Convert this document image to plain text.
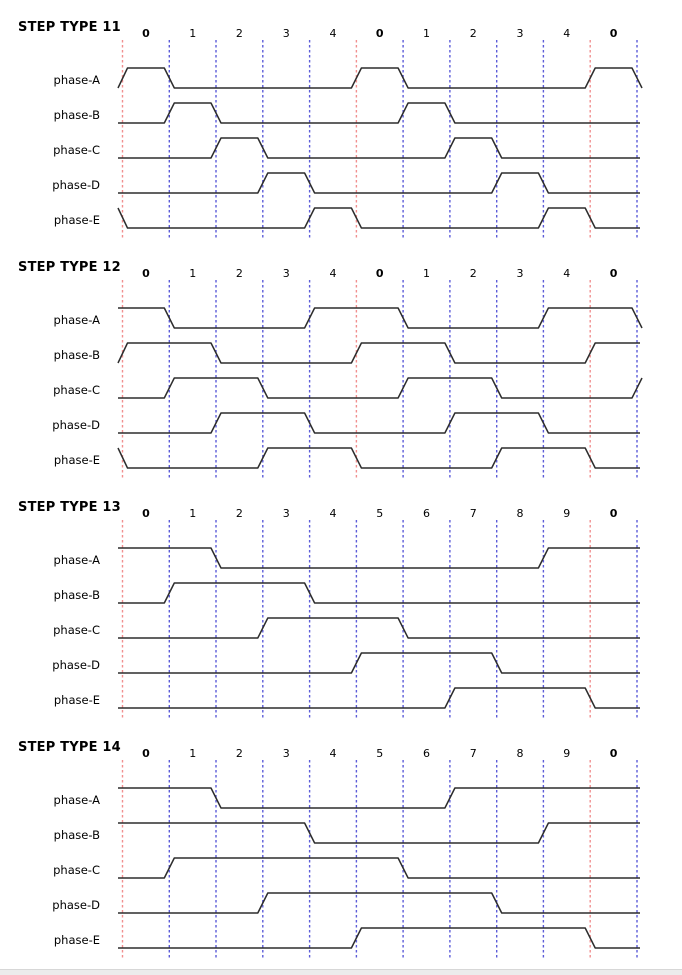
0	1	2	3	4	0	1	2	3	4	0
phase-A
phase-B
phase-C
phase-D
phase-E
STEP TYPE 11
0	1	2	3	4	0	1	2	3	4	0
phase-A
phase-B
phase-C
phase-D
phase-E
STEP TYPE 12
0	1	2	3	4	5	6	7	8	9	0
phase-A
phase-B
phase-C
phase-D
phase-E
STEP TYPE 13
0	1	2	3	4	5	6	7	8	9	0
phase-A
phase-B
phase-C
phase-D
phase-E
STEP TYPE 14
